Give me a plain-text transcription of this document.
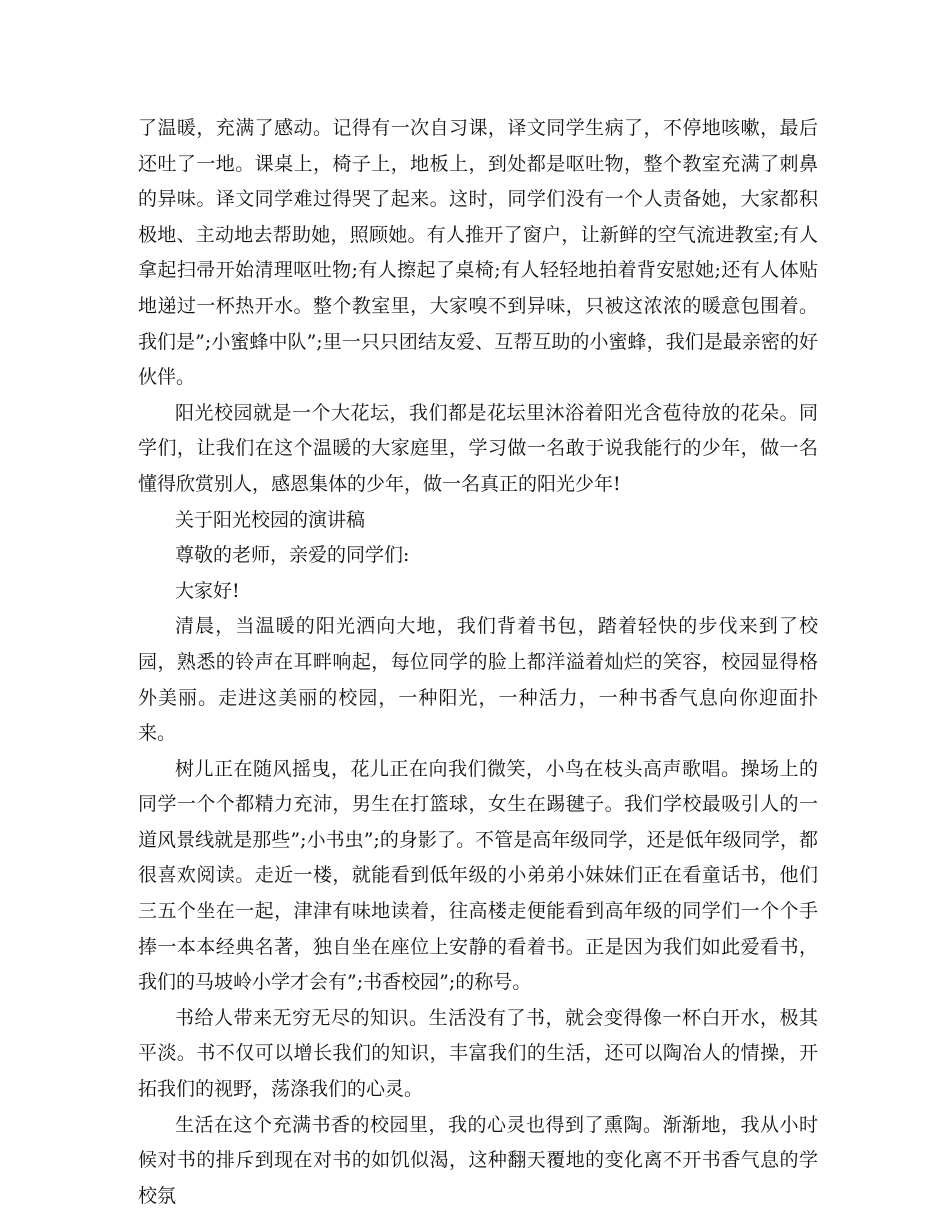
了温暖，充满了感动。记得有一次自习课，译文同学生病了，不停地咳嗽，最后还吐了一地。课桌上，椅子上，地板上，到处都是呕吐物，整个教室充满了刺鼻的异味。译文同学难过得哭了起来。这时，同学们没有一个人责备她，大家都积极地、主动地去帮助她，照顾她。有人推开了窗户，让新鲜的空气流进教室;有人拿起扫帚开始清理呕吐物;有人擦起了桌椅;有人轻轻地拍着背安慰她;还有人体贴地递过一杯热开水。整个教室里，大家嗅不到异味，只被这浓浓的暖意包围着。我们是”;小蜜蜂中队”;里一只只团结友爱、互帮互助的小蜜蜂，我们是最亲密的好伙伴。

阳光校园就是一个大花坛，我们都是花坛里沐浴着阳光含苞待放的花朵。同学们，让我们在这个温暖的大家庭里，学习做一名敢于说我能行的少年，做一名懂得欣赏别人，感恩集体的少年，做一名真正的阳光少年!

关于阳光校园的演讲稿

尊敬的老师，亲爱的同学们:

大家好!

清晨，当温暖的阳光洒向大地，我们背着书包，踏着轻快的步伐来到了校园，熟悉的铃声在耳畔响起，每位同学的脸上都洋溢着灿烂的笑容，校园显得格外美丽。走进这美丽的校园，一种阳光，一种活力，一种书香气息向你迎面扑来。

树儿正在随风摇曳，花儿正在向我们微笑，小鸟在枝头高声歌唱。操场上的同学一个个都精力充沛，男生在打篮球，女生在踢毽子。我们学校最吸引人的一道风景线就是那些”;小书虫”;的身影了。不管是高年级同学，还是低年级同学，都很喜欢阅读。走近一楼，就能看到低年级的小弟弟小妹妹们正在看童话书，他们三五个坐在一起，津津有味地读着，往高楼走便能看到高年级的同学们一个个手捧一本本经典名著，独自坐在座位上安静的看着书。正是因为我们如此爱看书，我们的马坡岭小学才会有”;书香校园”;的称号。

书给人带来无穷无尽的知识。生活没有了书，就会变得像一杯白开水，极其平淡。书不仅可以增长我们的知识，丰富我们的生活，还可以陶冶人的情操，开拓我们的视野，荡涤我们的心灵。

生活在这个充满书香的校园里，我的心灵也得到了熏陶。渐渐地，我从小时候对书的排斥到现在对书的如饥似渴，这种翻天覆地的变化离不开书香气息的学校氛
